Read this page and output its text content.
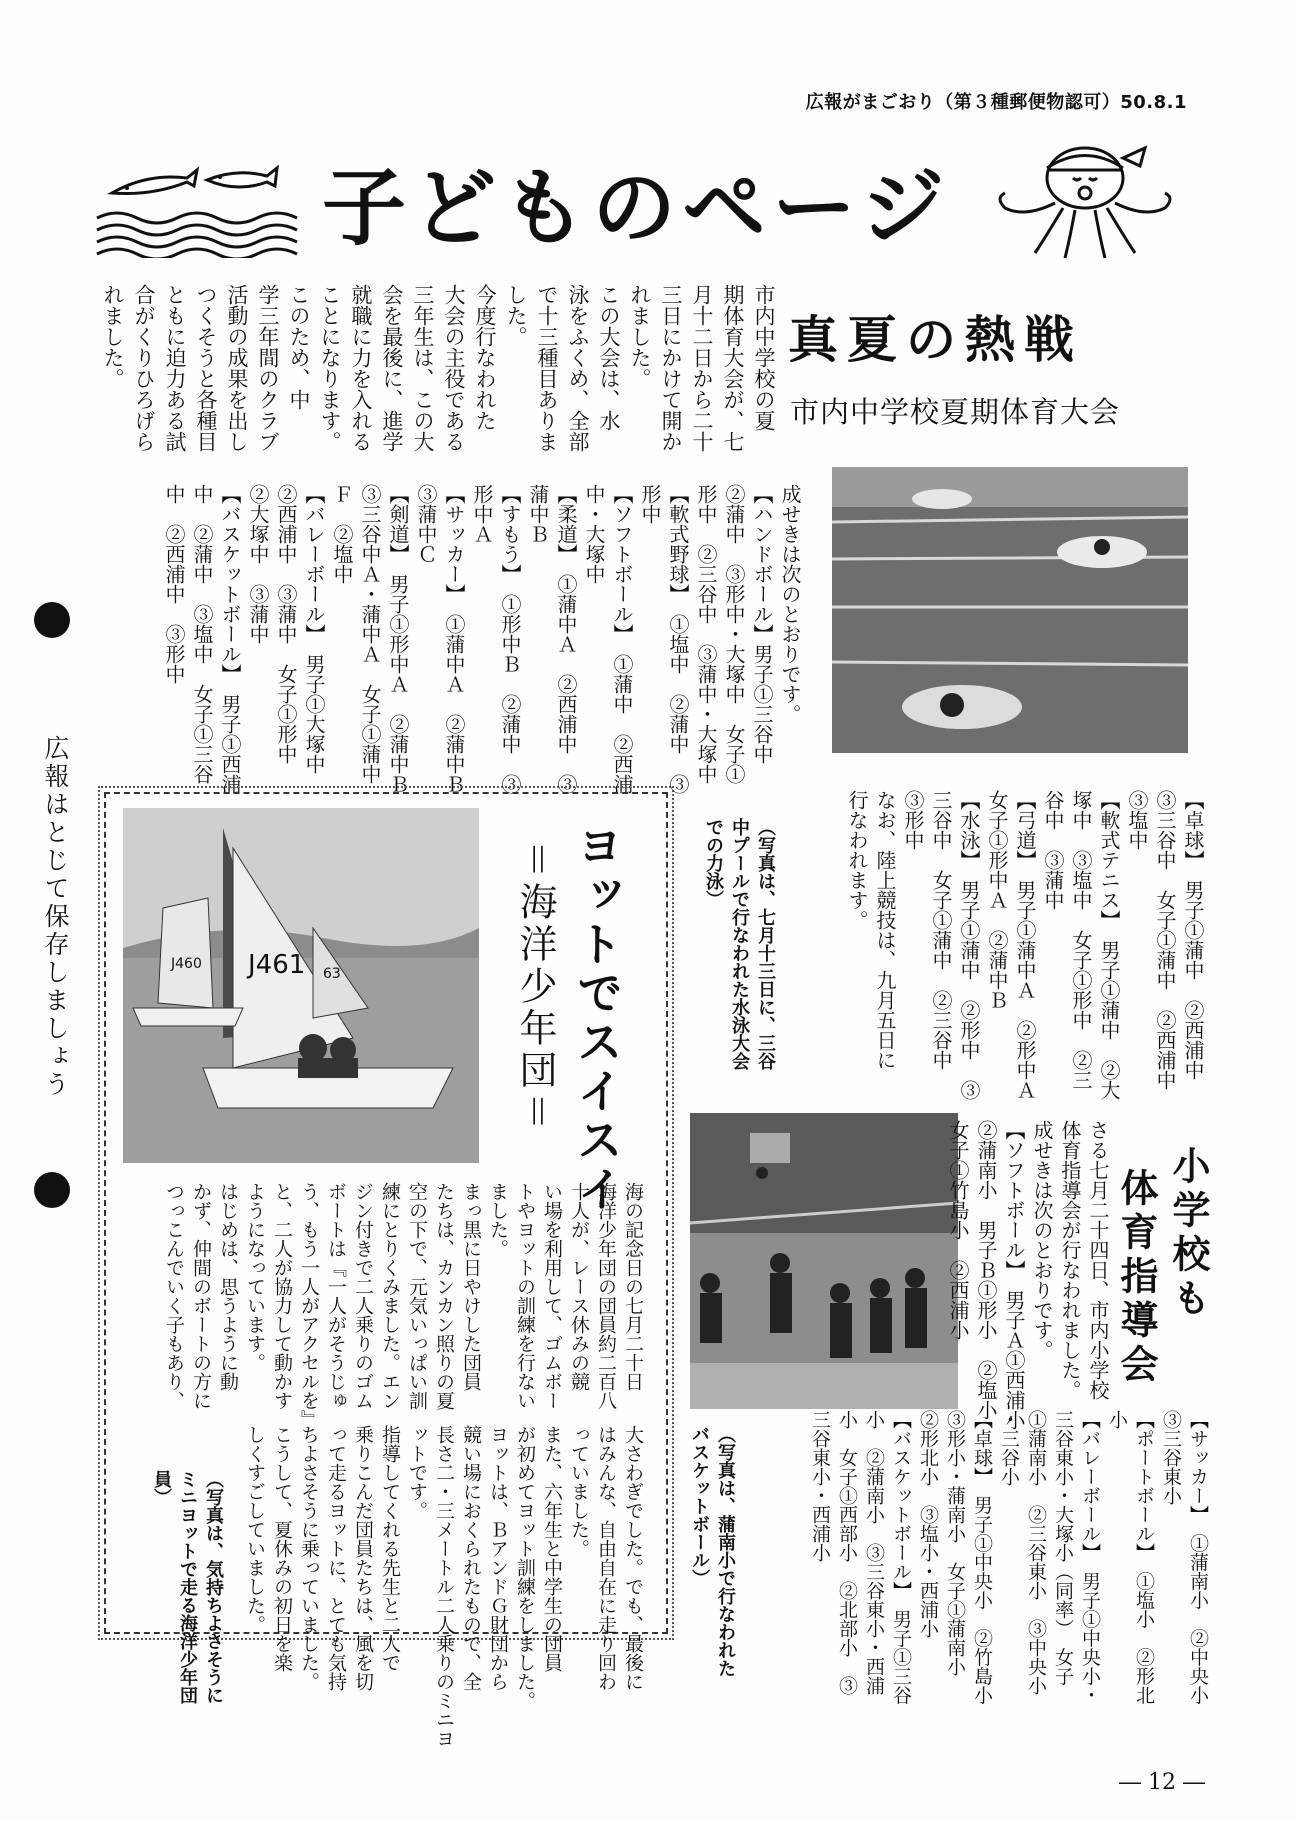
広報がまごおり（第３種郵便物認可）50.8.1
子どものページ
広報はとじて保存しましょう
真夏の熱戦
市内中学校夏期体育大会
市内中学校の夏
期体育大会が、七
月十二日から二十
三日にかけて開か
れました。
この大会は、水
泳をふくめ、全部
で十三種目ありま
した。
今度行なわれた
大会の主役である
三年生は、この大
会を最後に、進学
就職に力を入れる
ことになります。
このため、中
学三年間のクラブ
活動の成果を出し
つくそうと各種目
ともに迫力ある試
合がくりひろげら
れました。
成せきは次のとおりです。
【ハンドボール】男子①三谷中
②蒲中　③形中・大塚中　女子①
形中　②三谷中　③蒲中・大塚中
【軟式野球】　①塩中　②蒲中　③
形中
【ソフトボール】　①蒲中　②西浦
中・大塚中
【柔道】　①蒲中Ａ　②西浦中　③
蒲中Ｂ
【すもう】　①形中Ｂ　②蒲中　③
形中Ａ
【サッカー】　①蒲中Ａ　②蒲中Ｂ
③蒲中Ｃ
【剣道】　男子①形中Ａ　②蒲中Ｂ
③三谷中Ａ・蒲中Ａ　女子①蒲中
Ｆ　②塩中
【バレーボール】　男子①大塚中
②西浦中　③蒲中　女子①形中
②大塚中　③蒲中
【バスケットボール】　男子①西浦
中　②蒲中　③塩中　女子①三谷
中　②西浦中　③形中
（写真は、七月十三日に、三谷
中プールで行なわれた水泳大会
での力泳）	【卓球】　男子①蒲中　②西浦中
③三谷中　女子①蒲中　②西浦中
③塩中
【軟式テニス】　男子①蒲中　②大
塚中　③塩中　女子①形中　②三
谷中　③蒲中
【弓道】　男子①蒲中Ａ　②形中Ａ
女子①形中Ａ　②蒲中Ｂ
【水泳】　男子①蒲中　②形中　③
三谷中　女子①蒲中　②三谷中
③形中
なお、陸上競技は、九月五日に
行なわれます。
J461
J460
63	ヨットでスイスイ
＝海洋少年団＝
海の記念日の七月二十日
海洋少年団の団員約二百八
十人が、レース休みの競
い場を利用して、ゴムボー
トやヨットの訓練を行ない
ました。
まっ黒に日やけした団員
たちは、カンカン照りの夏
空の下で、元気いっぱい訓
練にとりくみました。エン
ジン付きで二人乗りのゴム
ボートは『一人がそうじゅ
う、もう一人がアクセルを』
と、二人が協力して動かす
ようになっています。
はじめは、思うように動
かず、仲間のボートの方に
つっこんでいく子もあり、
大さわぎでした。でも、最後に
はみんな、自由自在に走り回わ
っていました。
また、六年生と中学生の団員
が初めてヨット訓練をしました。
ヨットは、ＢアンドＧ財団から
競い場におくられたもので、全
長さ二・三メートル二人乗りのミニヨ
ットです。
指導してくれる先生と二人で
乗りこんだ団員たちは、風を切
って走るヨットに、とても気持
ちよさそうに乗っていました。
こうして、夏休みの初日を楽
しくすごしていました。
（写真は、気持ちよさそうに
ミニヨットで走る海洋少年団
員）
小学校も
体育指導会
さる七月二十四日、市内小学校
体育指導会が行なわれました。
成せきは次のとおりです。
【ソフトボール】　男子Ａ①西浦小
②蒲南小　男子Ｂ①形小　②塩小
女子①竹島小　②西浦小
【サッカー】　①蒲南小　②中央小
③三谷東小
【ポートボール】　①塩小　②形北
小
【バレーボール】　男子①中央小・
三谷東小・大塚小（同率）　女子
①蒲南小　②三谷東小　③中央小
・三谷小
【卓球】　男子①中央小　②竹島小
③形小・蒲南小　女子①蒲南小
②形北小　③塩小・西浦小
【バスケットボール】　男子①三谷
小　②蒲南小　③三谷東小・西浦
小　女子①西部小　②北部小　③
三谷東小・西浦小
（写真は、蒲南小で行なわれた
バスケットボール）
― 12 ―
